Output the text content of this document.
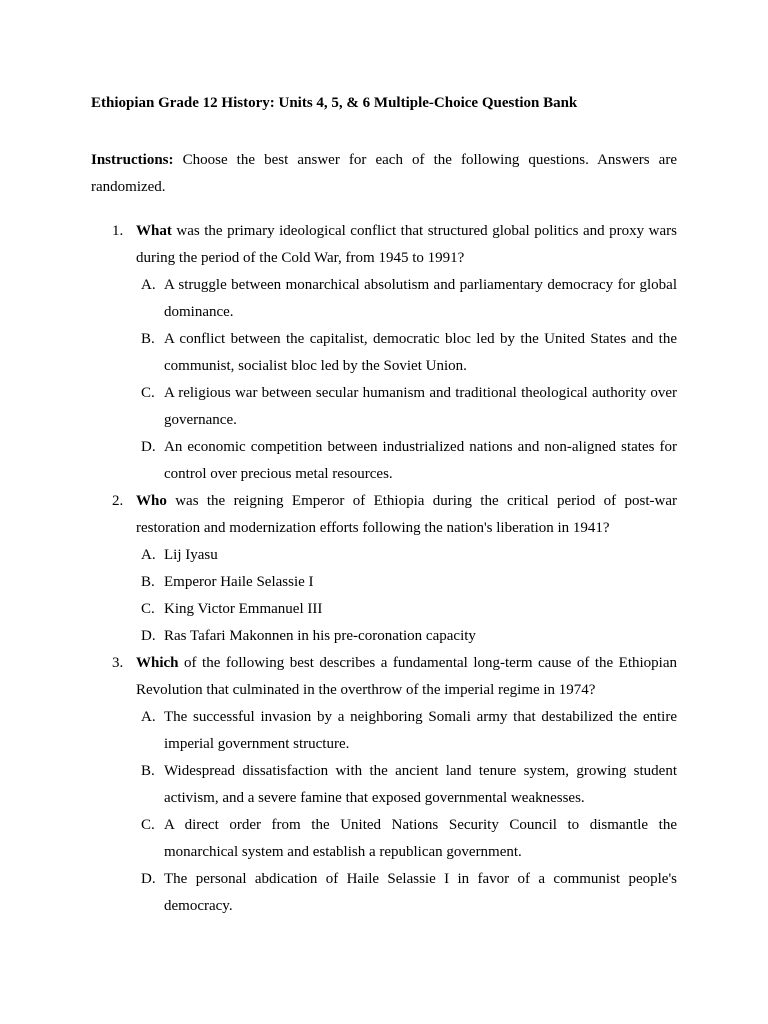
Ethiopian Grade 12 History: Units 4, 5, & 6 Multiple-Choice Question Bank

Instructions: Choose the best answer for each of the following questions. Answers are randomized.

1. What was the primary ideological conflict that structured global politics and proxy wars during the period of the Cold War, from 1945 to 1991?
A. A struggle between monarchical absolutism and parliamentary democracy for global dominance.
B. A conflict between the capitalist, democratic bloc led by the United States and the communist, socialist bloc led by the Soviet Union.
C. A religious war between secular humanism and traditional theological authority over governance.
D. An economic competition between industrialized nations and non-aligned states for control over precious metal resources.
2. Who was the reigning Emperor of Ethiopia during the critical period of post-war restoration and modernization efforts following the nation's liberation in 1941?
A. Lij Iyasu
B. Emperor Haile Selassie I
C. King Victor Emmanuel III
D. Ras Tafari Makonnen in his pre-coronation capacity
3. Which of the following best describes a fundamental long-term cause of the Ethiopian Revolution that culminated in the overthrow of the imperial regime in 1974?
A. The successful invasion by a neighboring Somali army that destabilized the entire imperial government structure.
B. Widespread dissatisfaction with the ancient land tenure system, growing student activism, and a severe famine that exposed governmental weaknesses.
C. A direct order from the United Nations Security Council to dismantle the monarchical system and establish a republican government.
D. The personal abdication of Haile Selassie I in favor of a communist people's democracy.
